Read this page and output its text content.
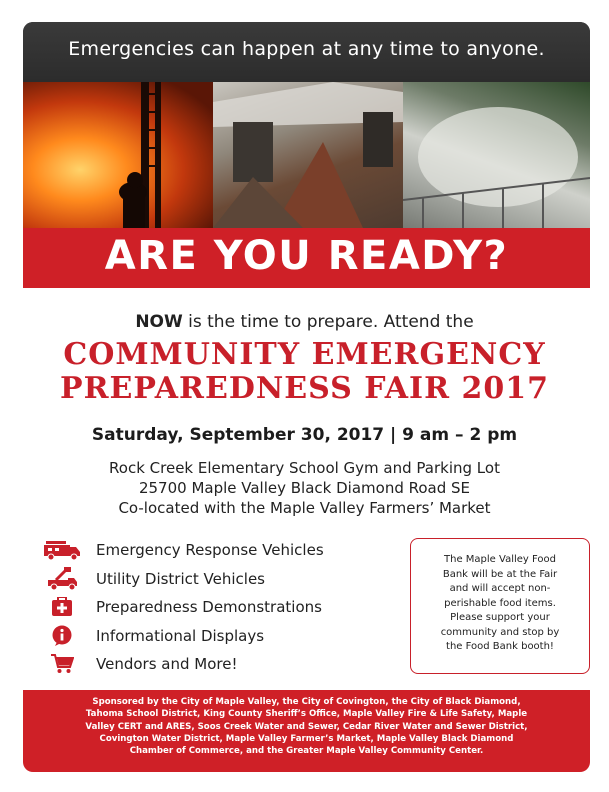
Emergencies can happen at any time to anyone.
ARE YOU READY?
NOW is the time to prepare. Attend the
COMMUNITY EMERGENCY
PREPAREDNESS FAIR 2017
Saturday, September 30, 2017 | 9 am – 2 pm
Rock Creek Elementary School Gym and Parking Lot
25700 Maple Valley Black Diamond Road SE
Co-located with the Maple Valley Farmers’ Market
Emergency Response Vehicles
Utility District Vehicles
Preparedness Demonstrations
Informational Displays
Vendors and More!
The Maple Valley Food
Bank will be at the Fair
and will accept non-
perishable food items.
Please support your
community and stop by
the Food Bank booth!
Sponsored by the City of Maple Valley, the City of Covington, the City of Black Diamond,
Tahoma School District, King County Sheriff’s Office, Maple Valley Fire & Life Safety, Maple
Valley CERT and ARES, Soos Creek Water and Sewer, Cedar River Water and Sewer District,
Covington Water District, Maple Valley Farmer’s Market, Maple Valley Black Diamond
Chamber of Commerce, and the Greater Maple Valley Community Center.
